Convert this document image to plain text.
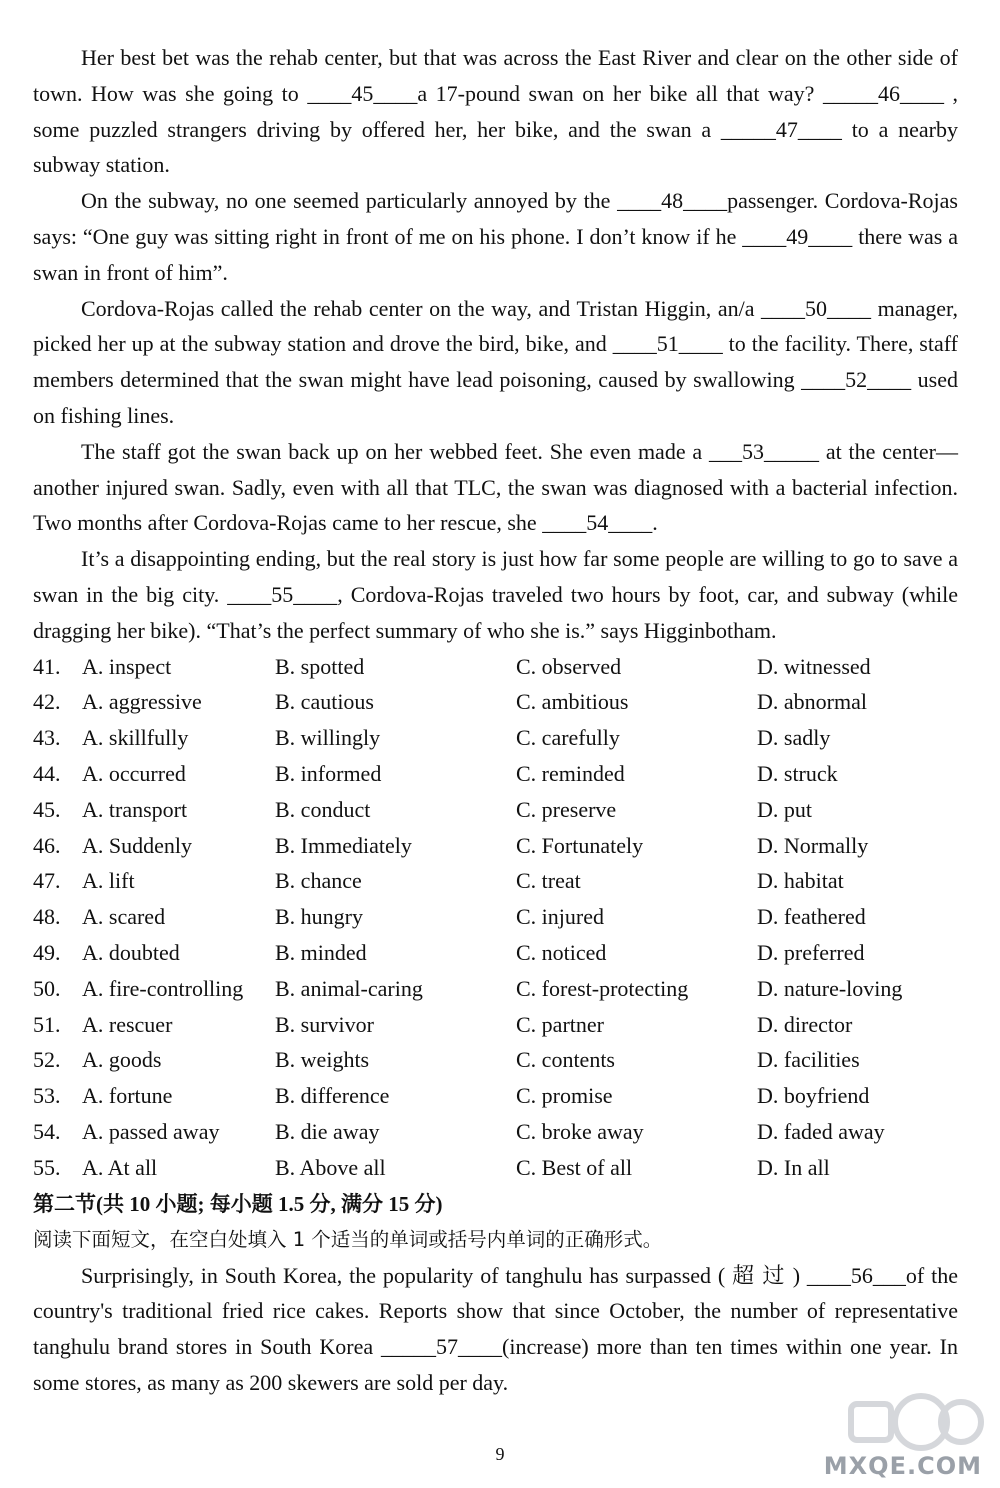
Her best bet was the rehab center, but that was across the East River and clear on the other side of town. How was she going to ____45____a 17-pound swan on her bike all that way? _____46____ , some puzzled strangers driving by offered her, her bike, and the swan a _____47____ to a nearby subway station.

On the subway, no one seemed particularly annoyed by the ____48____passenger. Cordova-Rojas says: “One guy was sitting right in front of me on his phone. I don’t know if he ____49____ there was a swan in front of him”.

Cordova-Rojas called the rehab center on the way, and Tristan Higgin, an/a ____50____ manager, picked her up at the subway station and drove the bird, bike, and ____51____ to the facility. There, staff members determined that the swan might have lead poisoning, caused by swallowing ____52____ used on fishing lines.

The staff got the swan back up on her webbed feet. She even made a ___53_____ at the center—another injured swan. Sadly, even with all that TLC, the swan was diagnosed with a bacterial infection. Two months after Cordova-Rojas came to her rescue, she ____54____.

It’s a disappointing ending, but the real story is just how far some people are willing to go to save a swan in the big city. ____55____, Cordova-Rojas traveled two hours by foot, car, and subway (while dragging her bike). “That’s the perfect summary of who she is.” says Higginbotham.

41. A. inspect	B. spotted	C. observed	D. witnessed
42. A. aggressive	B. cautious	C. ambitious	D. abnormal
43. A. skillfully	B. willingly	C. carefully	D. sadly
44. A. occurred	B. informed	C. reminded	D. struck
45. A. transport	B. conduct	C. preserve	D. put
46. A. Suddenly	B. Immediately	C. Fortunately	D. Normally
47. A. lift	B. chance	C. treat	D. habitat
48. A. scared	B. hungry	C. injured	D. feathered
49. A. doubted	B. minded	C. noticed	D. preferred
50. A. fire-controlling	B. animal-caring	C. forest-protecting	D. nature-loving
51. A. rescuer	B. survivor	C. partner	D. director
52. A. goods	B. weights	C. contents	D. facilities
53. A. fortune	B. difference	C. promise	D. boyfriend
54. A. passed away	B. die away	C. broke away	D. faded away
55. A. At all	B. Above all	C. Best of all	D. In all
第二节(共 10 小题; 每小题 1.5 分, 满分 15 分)
阅读下面短文，在空白处填入 1 个适当的单词或括号内单词的正确形式。

Surprisingly, in South Korea, the popularity of tanghulu has surpassed ( 超 过 ) ____56___of the country's traditional fried rice cakes. Reports show that since October, the number of representative tanghulu brand stores in South Korea _____57____(increase) more than ten times within one year. In some stores, as many as 200 skewers are sold per day.

9	MXQE.COM
